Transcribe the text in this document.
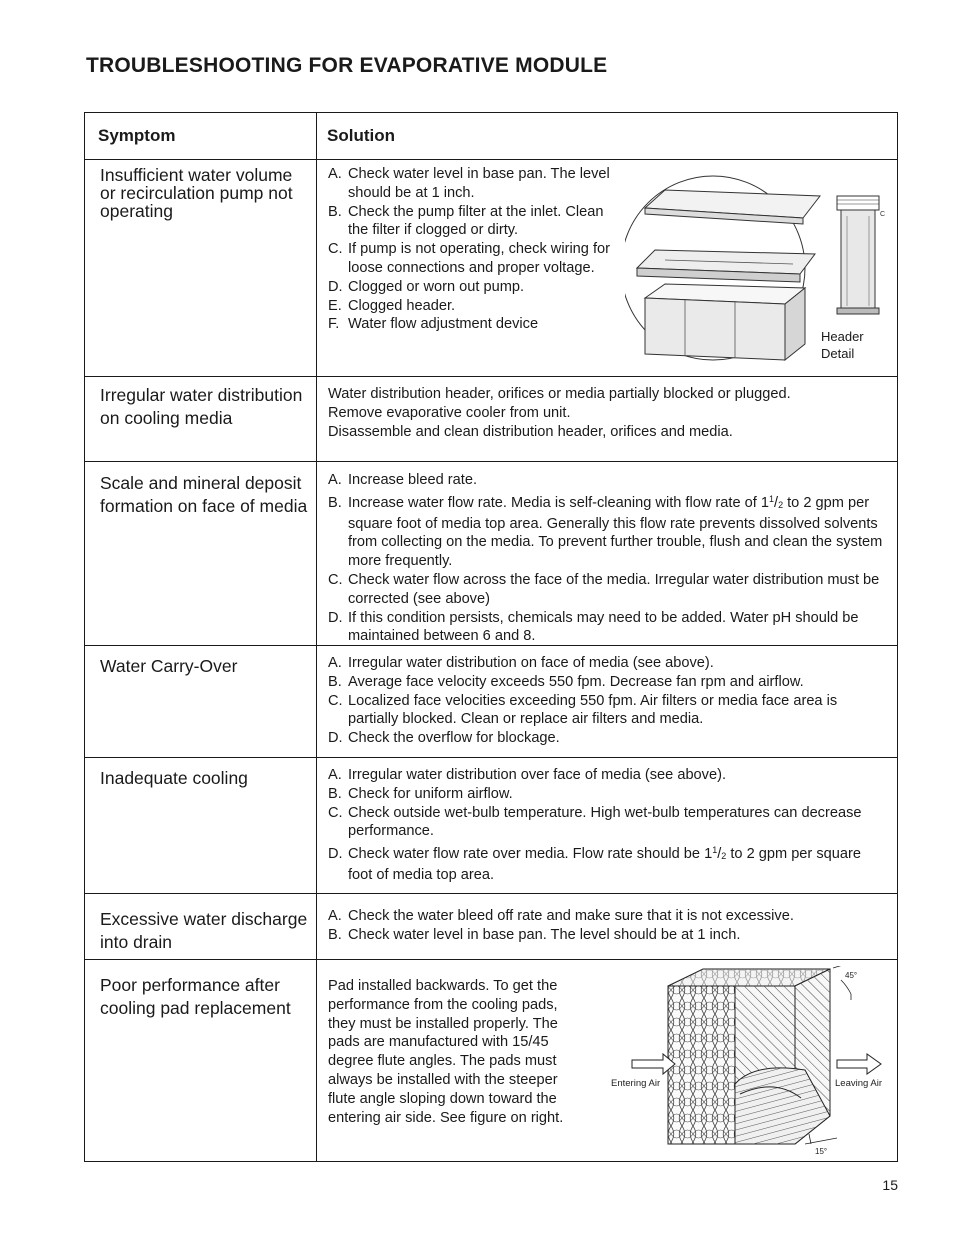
TROUBLESHOOTING FOR EVAPORATIVE MODULE
Symptom	Solution
Insufficient water volume or recirculation pump not operating
A. Check water level in base pan. The level should be at 1 inch.
B. Check the pump filter at the inlet. Clean the filter if clogged or dirty.
C. If pump is not operating, check wiring for loose connections and proper voltage.
D. Clogged or worn out pump.
E. Clogged header.
F. Water flow adjustment device
C
Header
Detail
Irregular water distribution on cooling media
Water distribution header, orifices or media partially blocked or plugged.
Remove evaporative cooler from unit.
Disassemble and clean distribution header, orifices and media.
Scale and mineral deposit formation on face of media
A. Increase bleed rate.
B. Increase water flow rate. Media is self-cleaning with flow rate of $1^1/_2$ to 2 gpm per square foot of media top area. Generally this flow rate prevents dissolved solvents from collecting on the media. To prevent further trouble, flush and clean the system more frequently.
C. Check water flow across the face of the media. Irregular water distribution must be corrected (see above)
D. If this condition persists, chemicals may need to be added. Water pH should be maintained between 6 and 8.
Water Carry-Over	A. Irregular water distribution on face of media (see above).
B. Average face velocity exceeds 550 fpm. Decrease fan rpm and airflow.
C. Localized face velocities exceeding 550 fpm. Air filters or media face area is partially blocked. Clean or replace air filters and media.
D. Check the overflow for blockage.
Inadequate cooling	A. Irregular water distribution over face of media (see above).
B. Check for uniform airflow.
C. Check outside wet-bulb temperature. High wet-bulb temperatures can decrease performance.
D. Check water flow rate over media. Flow rate should be $1^1/_2$ to 2 gpm per square foot of media top area.
Excessive water discharge into drain
A. Check the water bleed off rate and make sure that it is not excessive.
B. Check water level in base pan. The level should be at 1 inch.
Poor performance after cooling pad replacement
Pad installed backwards. To get the
performance from the cooling pads,
they must be installed properly. The
pads are manufactured with 15/45
degree flute angles. The pads must
always be installed with the steeper
flute angle sloping down toward the
entering air side. See figure on right.
45°
15°
Entering Air	Leaving Air
15
